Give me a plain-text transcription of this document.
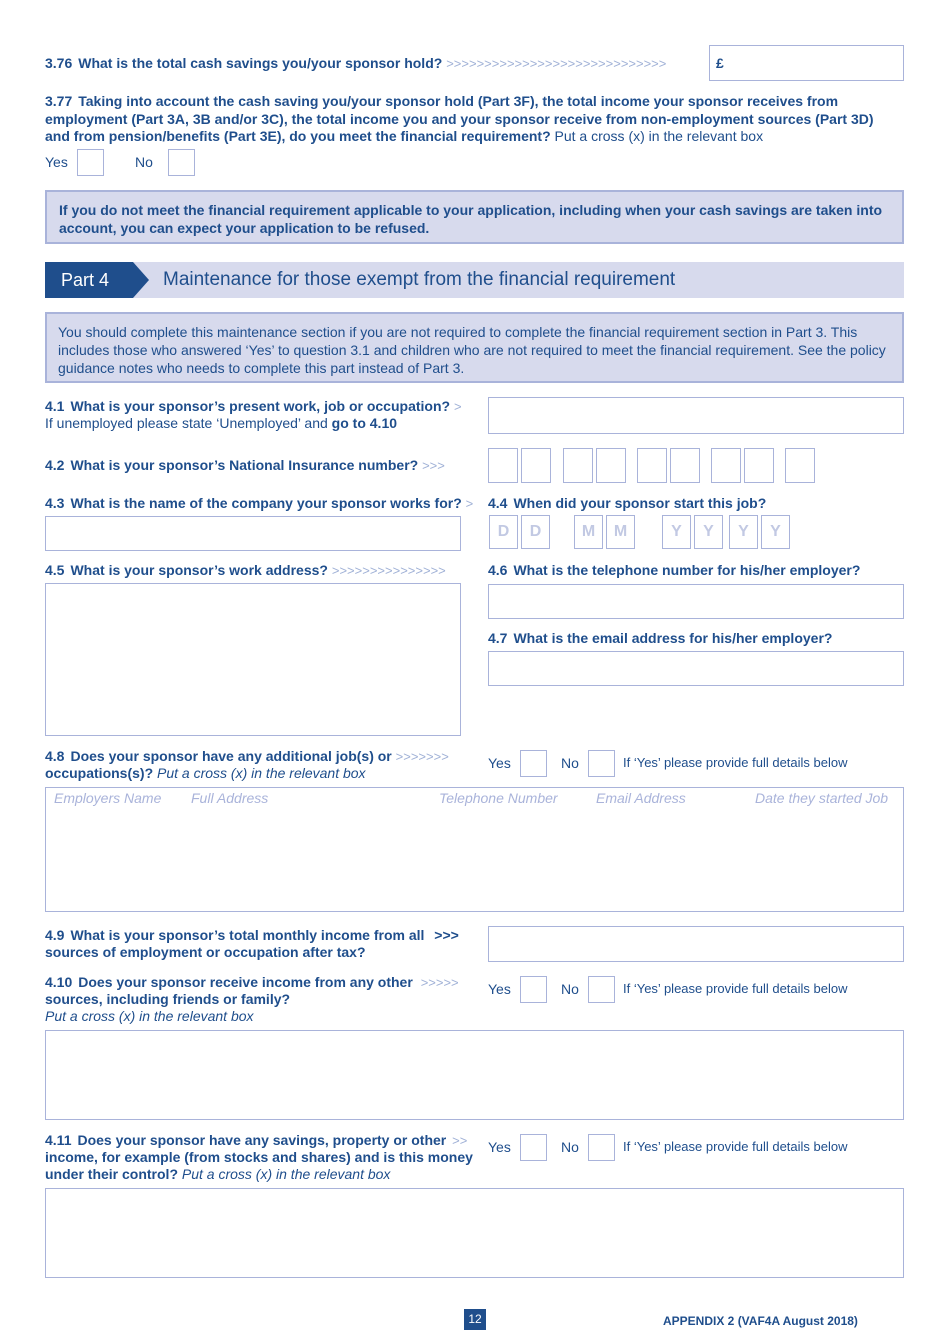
3.76 What is the total cash savings you/your sponsor hold? >>>>>>>>>>>>>>>>>>>>>>>>>>>>>	£
3.77 Taking into account the cash saving you/your sponsor hold (Part 3F), the total income your sponsor receives from employment (Part 3A, 3B and/or 3C), the total income you and your sponsor receive from non-employment sources (Part 3D) and from pension/benefits (Part 3E), do you meet the financial requirement? Put a cross (x) in the relevant box
Yes	No
If you do not meet the financial requirement applicable to your application, including when your cash savings are taken into account, you can expect your application to be refused.
Part 4	Maintenance for those exempt from the financial requirement
You should complete this maintenance section if you are not required to complete the financial requirement section in Part 3. This includes those who answered ‘Yes’ to question 3.1 and children who are not required to meet the financial requirement. See the policy guidance notes who needs to complete this part instead of Part 3.
4.1 What is your sponsor’s present work, job or occupation? >
If unemployed please state ‘Unemployed’ and go to 4.10
4.2 What is your sponsor’s National Insurance number? >>>
4.3 What is the name of the company your sponsor works for? > 4.4 When did your sponsor start this job?
D	D	M	M	Y	Y	Y	Y
4.5 What is your sponsor’s work address? >>>>>>>>>>>>>>>	4.6 What is the telephone number for his/her employer?
4.7 What is the email address for his/her employer?
4.8 Does your sponsor have any additional job(s) or >>>>>>>
occupations(s)? Put a cross (x) in the relevant box
Yes	No	If ‘Yes’ please provide full details below
Employers Name Full Address	Telephone Number	Email Address	Date they started Job
4.9 What is your sponsor’s total monthly income from all >>>
sources of employment or occupation after tax?
4.10 Does your sponsor receive income from any other >>>>>
sources, including friends or family?
Put a cross (x) in the relevant box
Yes	No	If ‘Yes’ please provide full details below
4.11 Does your sponsor have any savings, property or other >>
income, for example (from stocks and shares) and is this money
under their control? Put a cross (x) in the relevant box
Yes	No	If ‘Yes’ please provide full details below
12	APPENDIX 2 (VAF4A August 2018)
